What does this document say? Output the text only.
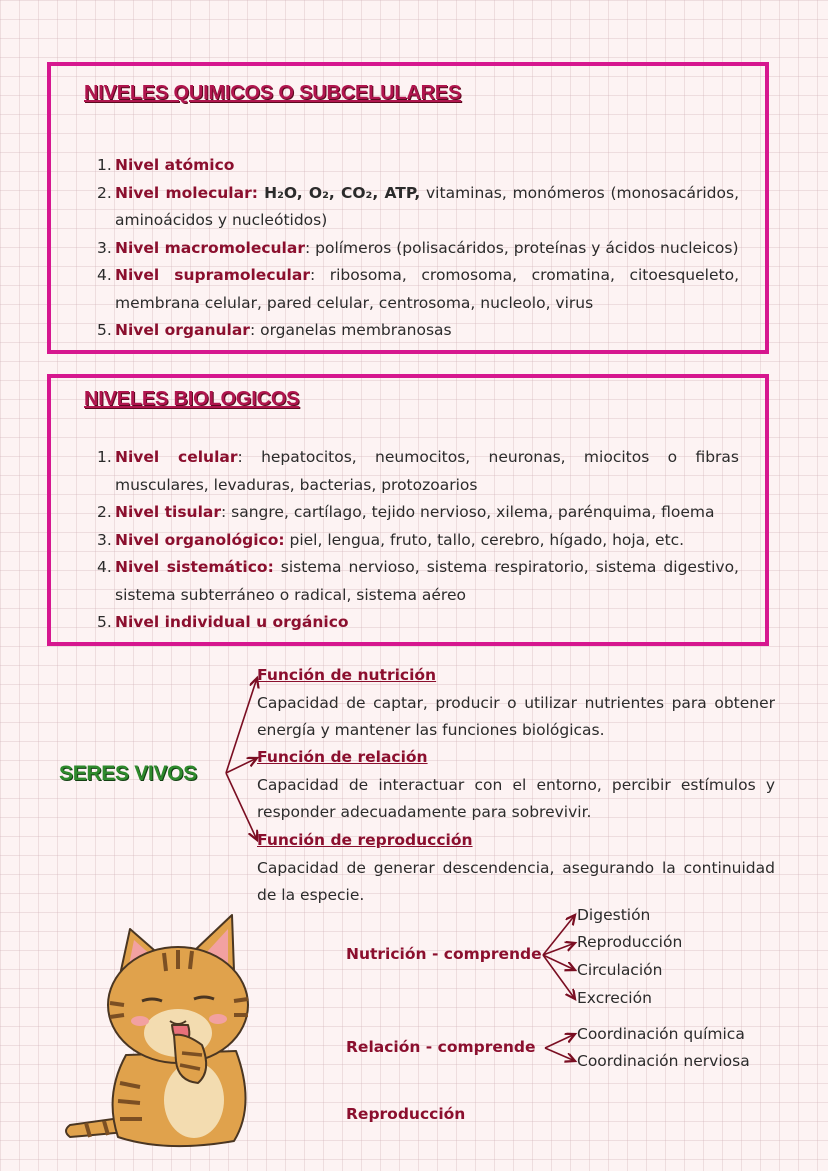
NIVELES QUIMICOS O SUBCELULARES
1. Nivel atómico
2. Nivel molecular: H₂O, O₂, CO₂, ATP, vitaminas, monómeros (monosacáridos, aminoácidos y nucleótidos)
3. Nivel macromolecular: polímeros (polisacáridos, proteínas y ácidos nucleicos)
4. Nivel supramolecular: ribosoma, cromosoma, cromatina, citoesqueleto, membrana celular, pared celular, centrosoma, nucleolo, virus
5. Nivel organular: organelas membranosas
NIVELES BIOLOGICOS
1. Nivel celular: hepatocitos, neumocitos, neuronas, miocitos o fibras musculares, levaduras, bacterias, protozoarios
2. Nivel tisular: sangre, cartílago, tejido nervioso, xilema, parénquima, floema
3. Nivel organológico: piel, lengua, fruto, tallo, cerebro, hígado, hoja, etc.
4. Nivel sistemático: sistema nervioso, sistema respiratorio, sistema digestivo, sistema subterráneo o radical, sistema aéreo
5. Nivel individual u orgánico
SERES VIVOS
Función de nutrición
Capacidad de captar, producir o utilizar nutrientes para obtener energía y mantener las funciones biológicas.
Función de relación
Capacidad de interactuar con el entorno, percibir estímulos y responder adecuadamente para sobrevivir.
Función de reproducción
Capacidad de generar descendencia, asegurando la continuidad de la especie.
Nutrición - comprende
Digestión
Reproducción
Circulación
Excreción
Relación - comprende
Coordinación química
Coordinación nerviosa
Reproducción
